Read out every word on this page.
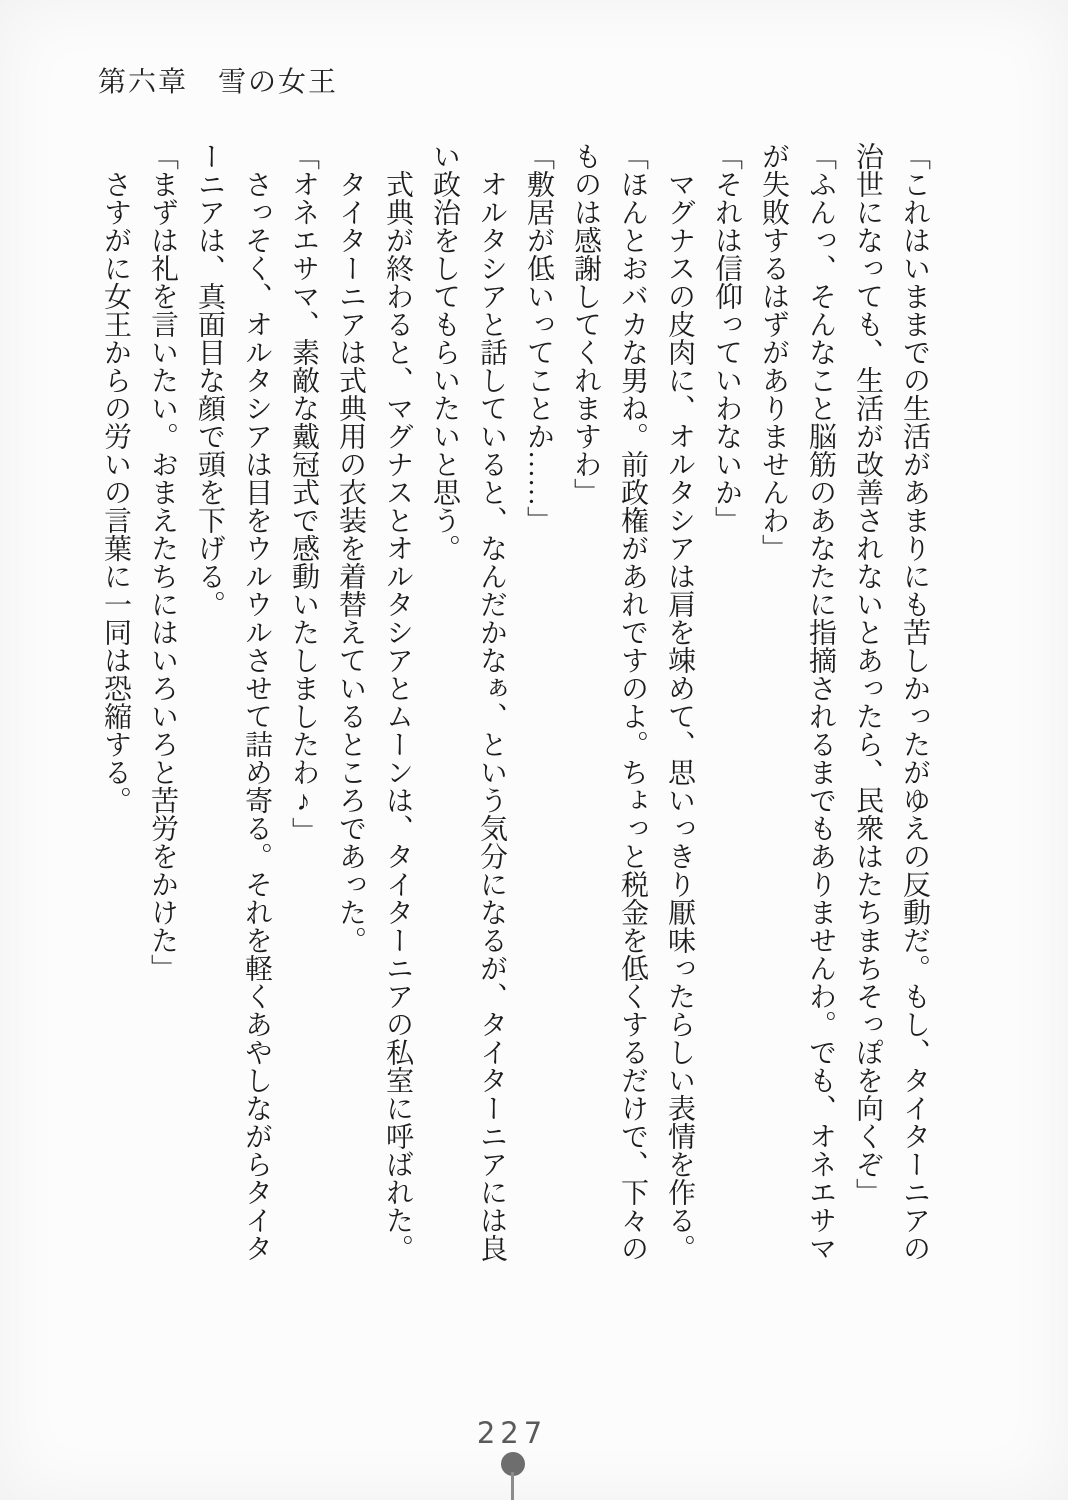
第六章　雪の女王

「これはいままでの生活があまりにも苦しかったがゆえの反動だ。もし、タイターニアの治世になっても、生活が改善されないとあったら、民衆はたちまちそっぽを向くぞ」

「ふんっ、そんなこと脳筋のあなたに指摘されるまでもありませんわ。でも、オネエサマが失敗するはずがありませんわ」

「それは信仰っていわないか」

マグナスの皮肉に、オルタシアは肩を竦めて、思いっきり厭味ったらしい表情を作る。

「ほんとおバカな男ね。前政権があれですのよ。ちょっと税金を低くするだけで、下々のものは感謝してくれますわ」

「敷居が低いってことか……」

オルタシアと話していると、なんだかなぁ、という気分になるが、タイターニアには良い政治をしてもらいたいと思う。

式典が終わると、マグナスとオルタシアとムーンは、タイターニアの私室に呼ばれた。

タイターニアは式典用の衣装を着替えているところであった。

「オネエサマ、素敵な戴冠式で感動いたしましたわ♪」

さっそく、オルタシアは目をウルウルさせて詰め寄る。それを軽くあやしながらタイターニアは、真面目な顔で頭を下げる。

「まずは礼を言いたい。おまえたちにはいろいろと苦労をかけた」

さすがに女王からの労いの言葉に一同は恐縮する。

227
